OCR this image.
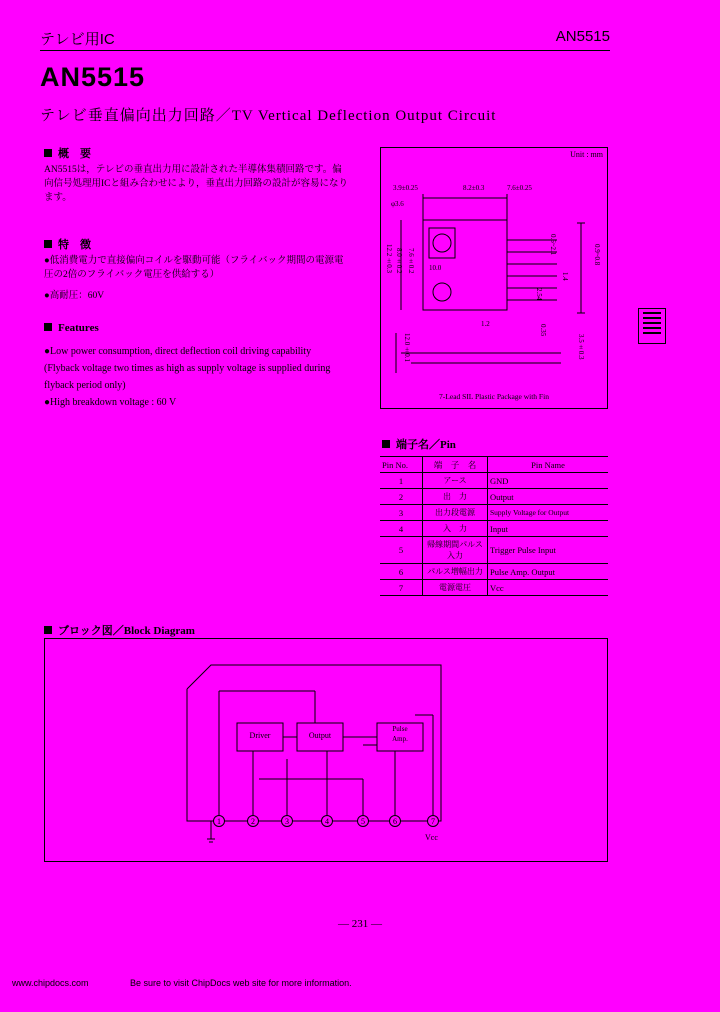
テレビ用IC	AN5515
AN5515
テレビ垂直偏向出力回路／TV Vertical Deflection Output Circuit
概　要
AN5515は，テレビの垂直出力用に設計された半導体集積回路です。偏向信号処理用ICと組み合わせにより，垂直出力回路の設計が容易になります。
特　徴
●低消費電力で直接偏向コイルを駆動可能（フライバック期間の電源電圧の2倍のフライバック電圧を供給する）
●高耐圧：60V
Features
●Low power consumption, direct deflection coil driving capability (Flyback voltage two times as high as supply voltage is supplied during flyback period only)
●High breakdown voltage : 60 V
Unit : mm
3.9±0.25	8.2±0.3	7.6±0.25
φ3.6
12.2±0.3 8.0±0.2 7.6±0.2 10.0
1.2
12.0±0.1
0.6~2.1
2.54
1.4
0.9~0.8
0.35
3.5±0.3
7-Lead SIL Plastic Package with Fin
端子名／Pin
Pin No.	端　子　名	Pin Name
1	アース	GND
2	出　力	Output
3	出力段電源	Supply Voltage for Output
4	入　力	Input
5	帰線期間パルス入力	Trigger Pulse Input
6	パルス増幅出力	Pulse Amp. Output
7	電源電圧	Vcc
ブロック図／Block Diagram
Driver	Output
Pulse
Amp.
1	2	3	4	5	6	7
Vcc
— 231 —
www.chipdocs.com	Be sure to visit ChipDocs web site for more information.
